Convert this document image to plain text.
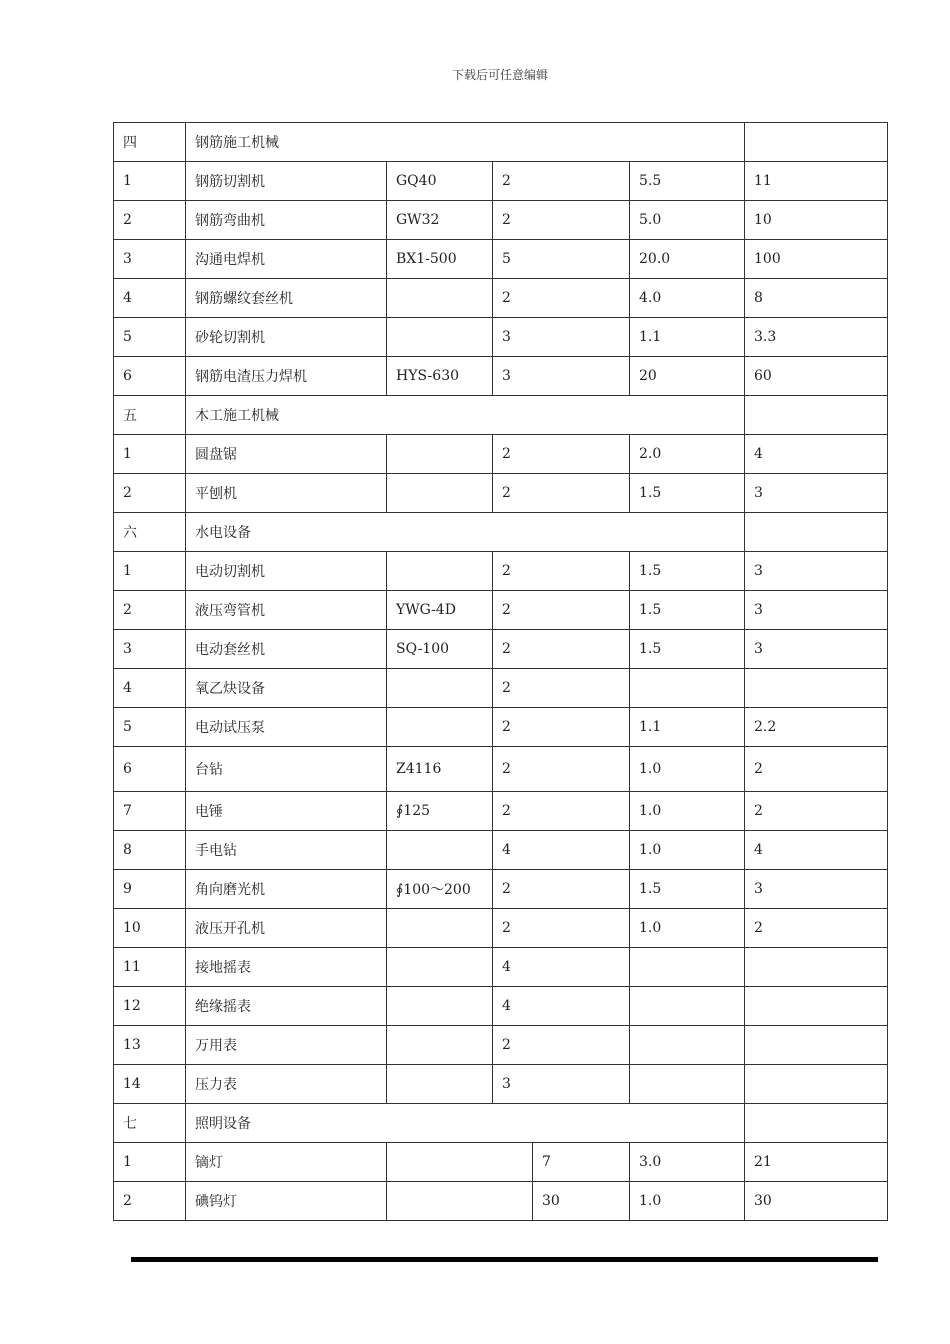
下载后可任意编辑
四	钢筋施工机械					
1	钢筋切割机	GQ40	2		5.5	11
2	钢筋弯曲机	GW32	2		5.0	10
3	沟通电焊机	BX1-500	5		20.0	100
4	钢筋螺纹套丝机		2		4.0	8
5	砂轮切割机		3		1.1	3.3
6	钢筋电渣压力焊机	HYS-630	3		20	60
五	木工施工机械					
1	圆盘锯		2		2.0	4
2	平刨机		2		1.5	3
六	水电设备					
1	电动切割机		2		1.5	3
2	液压弯管机	YWG-4D	2		1.5	3
3	电动套丝机	SQ-100	2		1.5	3
4	氧乙炔设备		2			
5	电动试压泵		2		1.1	2.2
6	台钻	Z4116	2		1.0	2
7	电锤	∮125	2		1.0	2
8	手电钻		4		1.0	4
9	角向磨光机	∮100～200	2		1.5	3
10	液压开孔机		2		1.0	2
11	接地摇表		4			
12	绝缘摇表		4			
13	万用表		2			
14	压力表		3			
七	照明设备					
1	镝灯			7	3.0	21
2	碘钨灯			30	1.0	30
